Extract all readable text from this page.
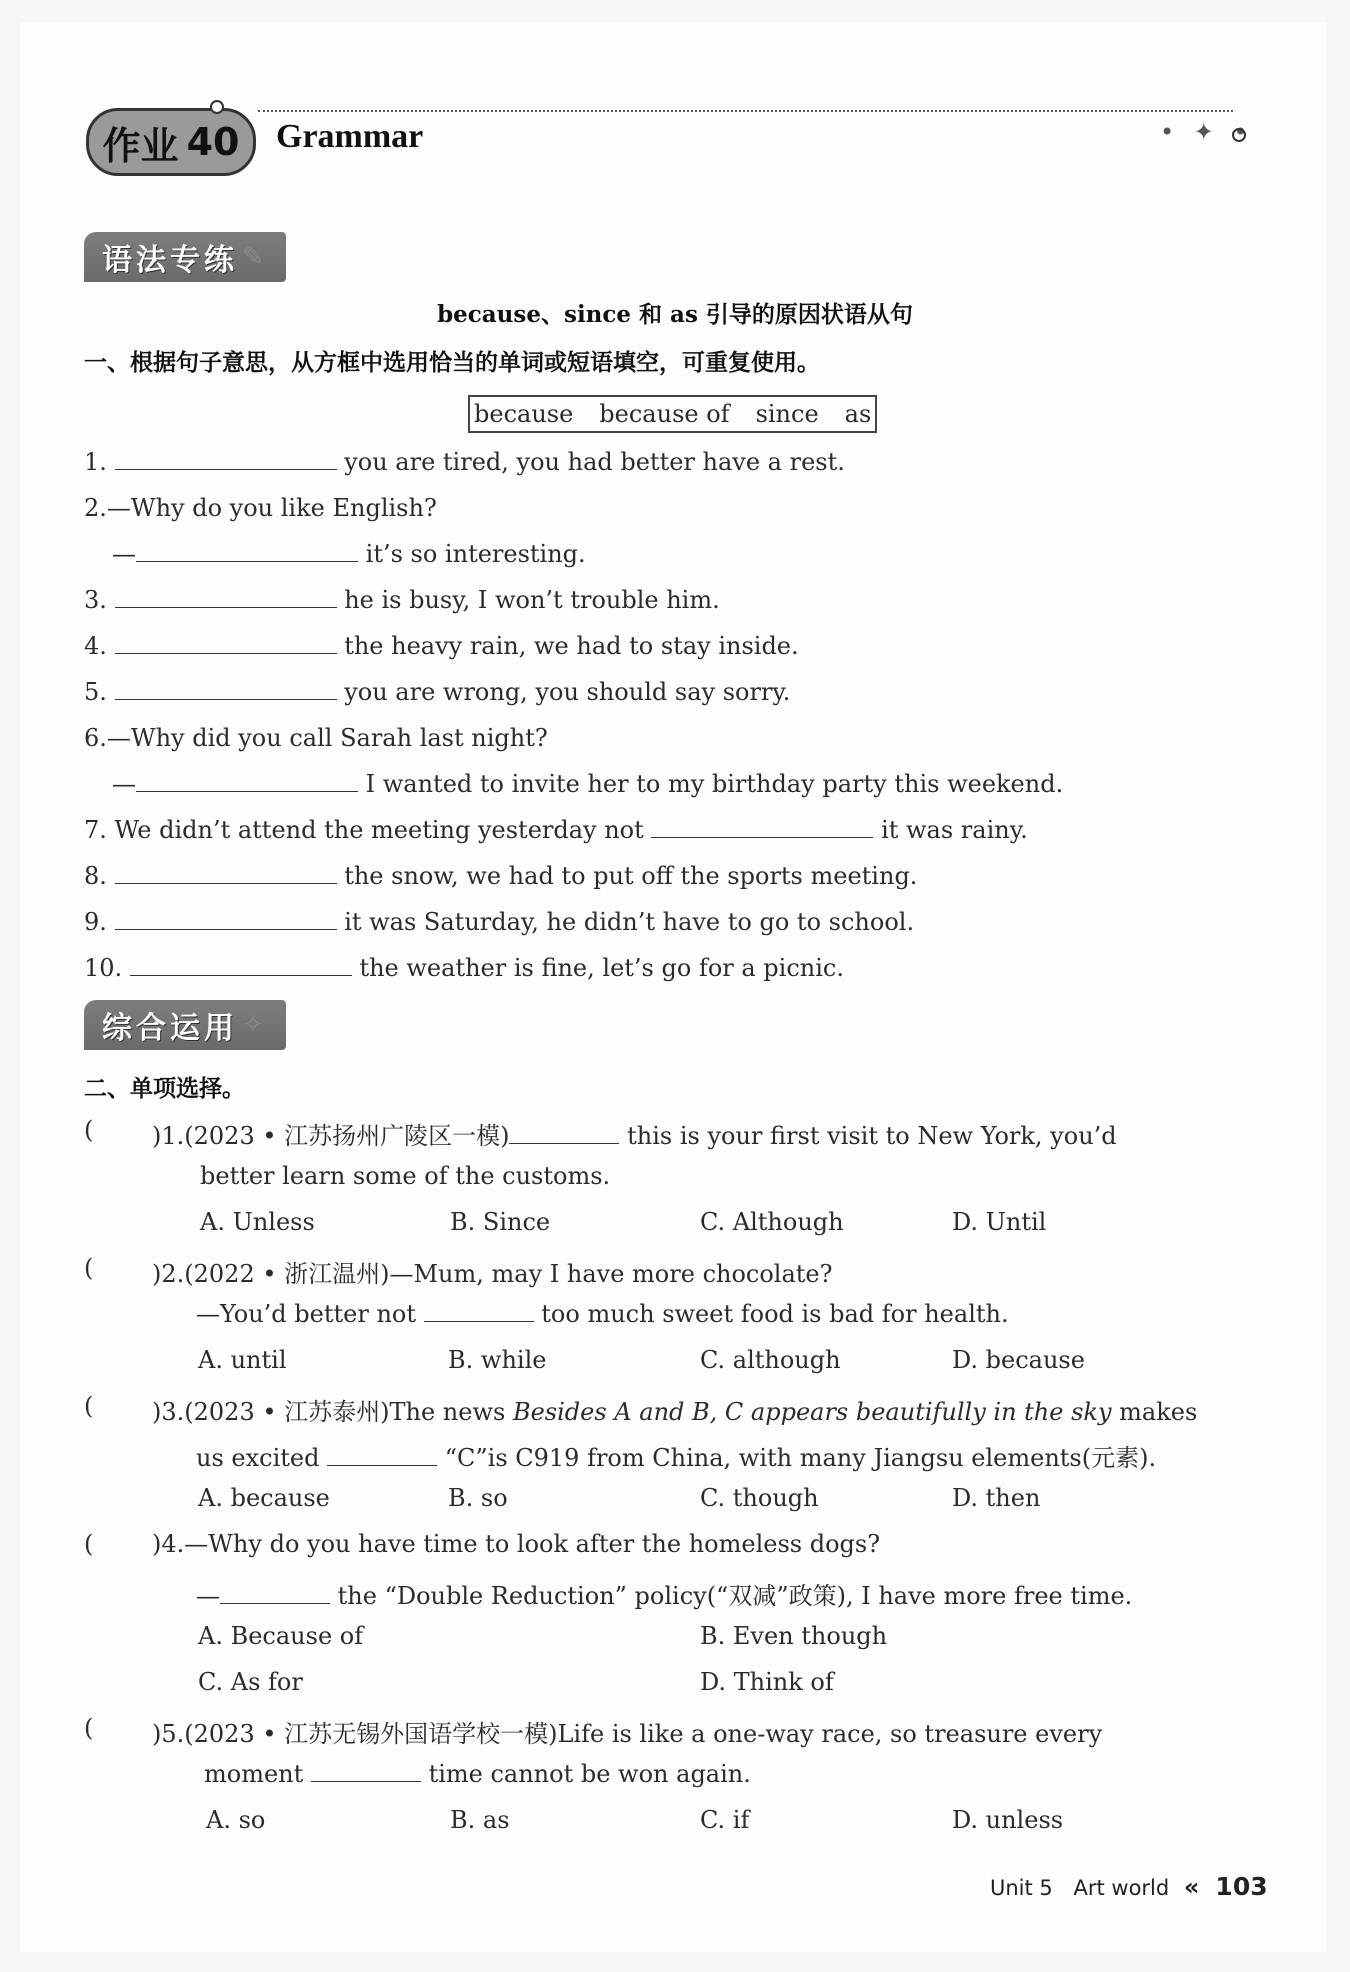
作业 40 Grammar	• ✦ •
语法专练 ✎
because、since 和 as 引导的原因状语从句
一、根据句子意思，从方框中选用恰当的单词或短语填空，可重复使用。
because because of since as
1.	you are tired, you had better have a rest.
2.—Why do you like English?
—	it’s so interesting.
3.	he is busy, I won’t trouble him.
4.	the heavy rain, we had to stay inside.
5.	you are wrong, you should say sorry.
6.—Why did you call Sarah last night?
—	I wanted to invite her to my birthday party this weekend.
7. We didn’t attend the meeting yesterday not	it was rainy.
8.	the snow, we had to put off the sports meeting.
9.	it was Saturday, he didn’t have to go to school.
10.	the weather is fine, let’s go for a picnic.
综合运用 ✧
二、单项选择。
( )1.(2023 • 江苏扬州广陵区一模)	this is your first visit to New York, you’d
better learn some of the customs.
A. Unless	B. Since	C. Although	D. Until
( )2.(2022 • 浙江温州)—Mum, may I have more chocolate?
—You’d better not	too much sweet food is bad for health.
A. until	B. while	C. although	D. because
( )3.(2023 • 江苏泰州)The news Besides A and B, C appears beautifully in the sky makes
us excited	“C”is C919 from China, with many Jiangsu elements(元素).
A. because	B. so	C. though	D. then
( )4.—Why do you have time to look after the homeless dogs?
—	the “Double Reduction” policy(“双减”政策), I have more free time.
A. Because of	B. Even though
C. As for	D. Think of
( )5.(2023 • 江苏无锡外国语学校一模)Life is like a one-way race, so treasure every
moment	time cannot be won again.
A. so	B. as	C. if	D. unless
Unit 5 Art world « 103
